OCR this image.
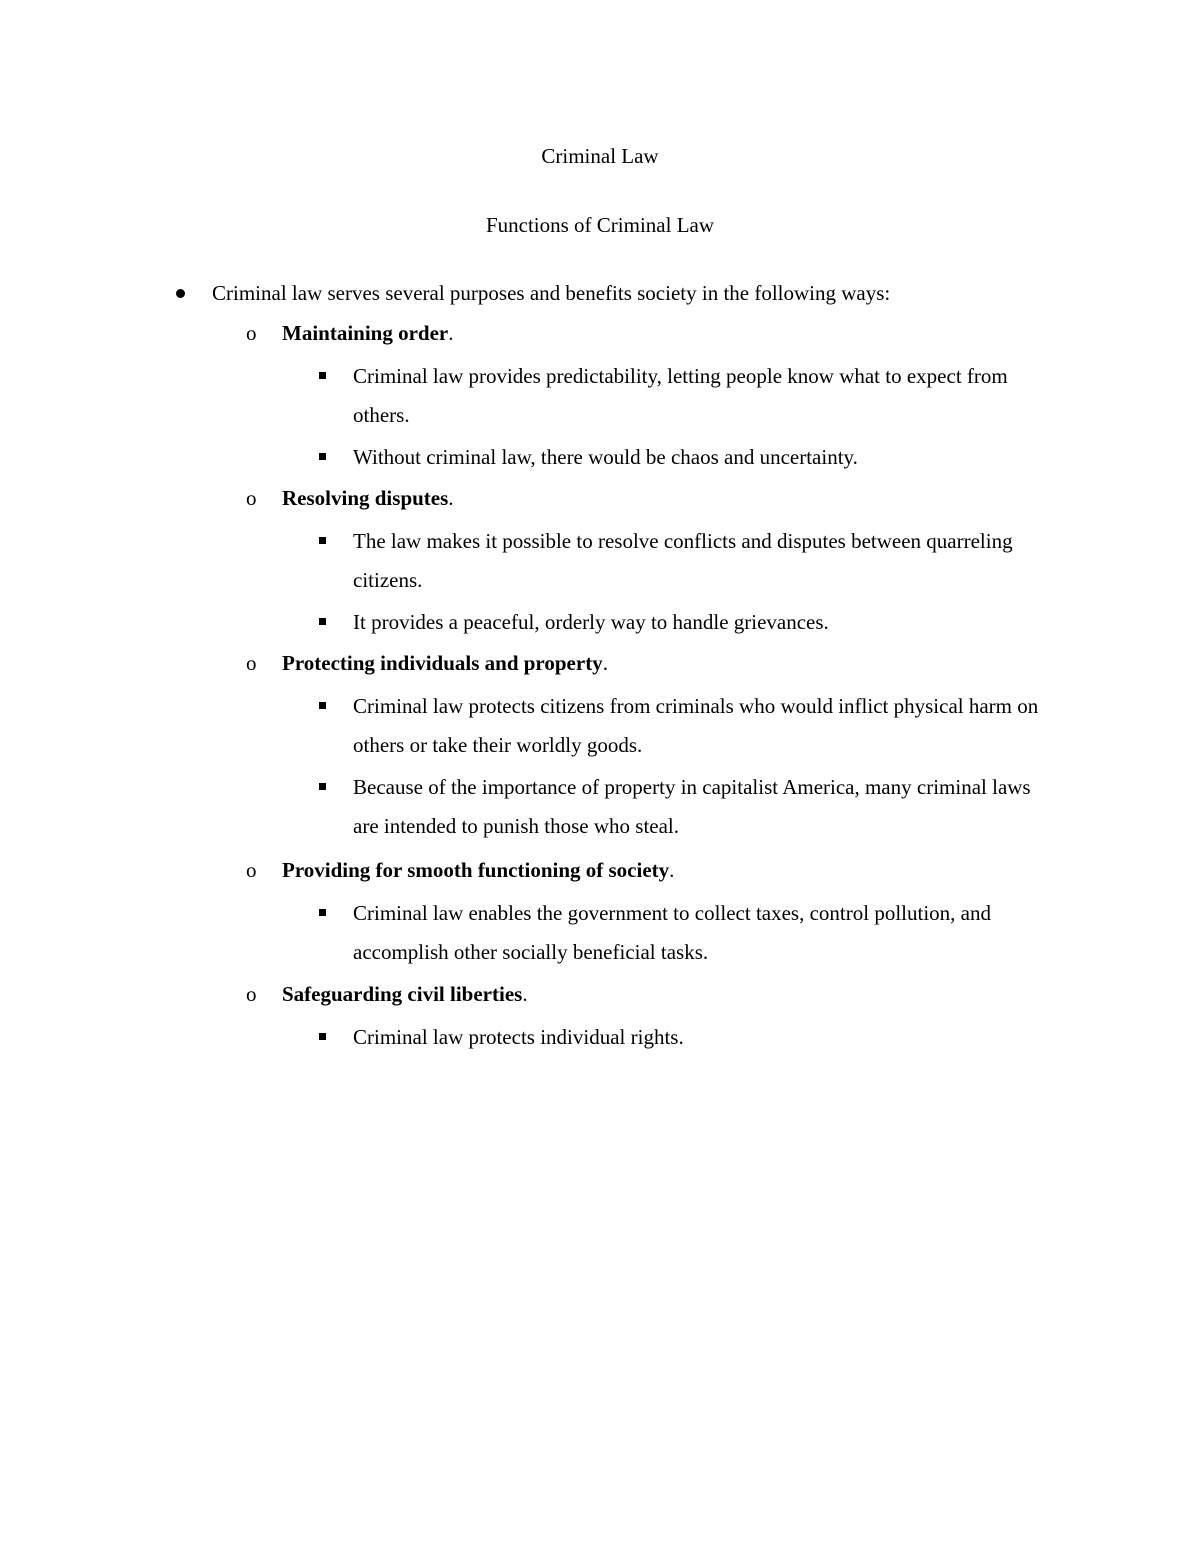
Criminal Law
Functions of Criminal Law
Criminal law serves several purposes and benefits society in the following ways:
o Maintaining order.
Criminal law provides predictability, letting people know what to expect from others.
Without criminal law, there would be chaos and uncertainty.
o Resolving disputes.
The law makes it possible to resolve conflicts and disputes between quarreling citizens.
It provides a peaceful, orderly way to handle grievances.
o Protecting individuals and property.
Criminal law protects citizens from criminals who would inflict physical harm on others or take their worldly goods.
Because of the importance of property in capitalist America, many criminal laws are intended to punish those who steal.
o Providing for smooth functioning of society.
Criminal law enables the government to collect taxes, control pollution, and accomplish other socially beneficial tasks.
o Safeguarding civil liberties.
Criminal law protects individual rights.
